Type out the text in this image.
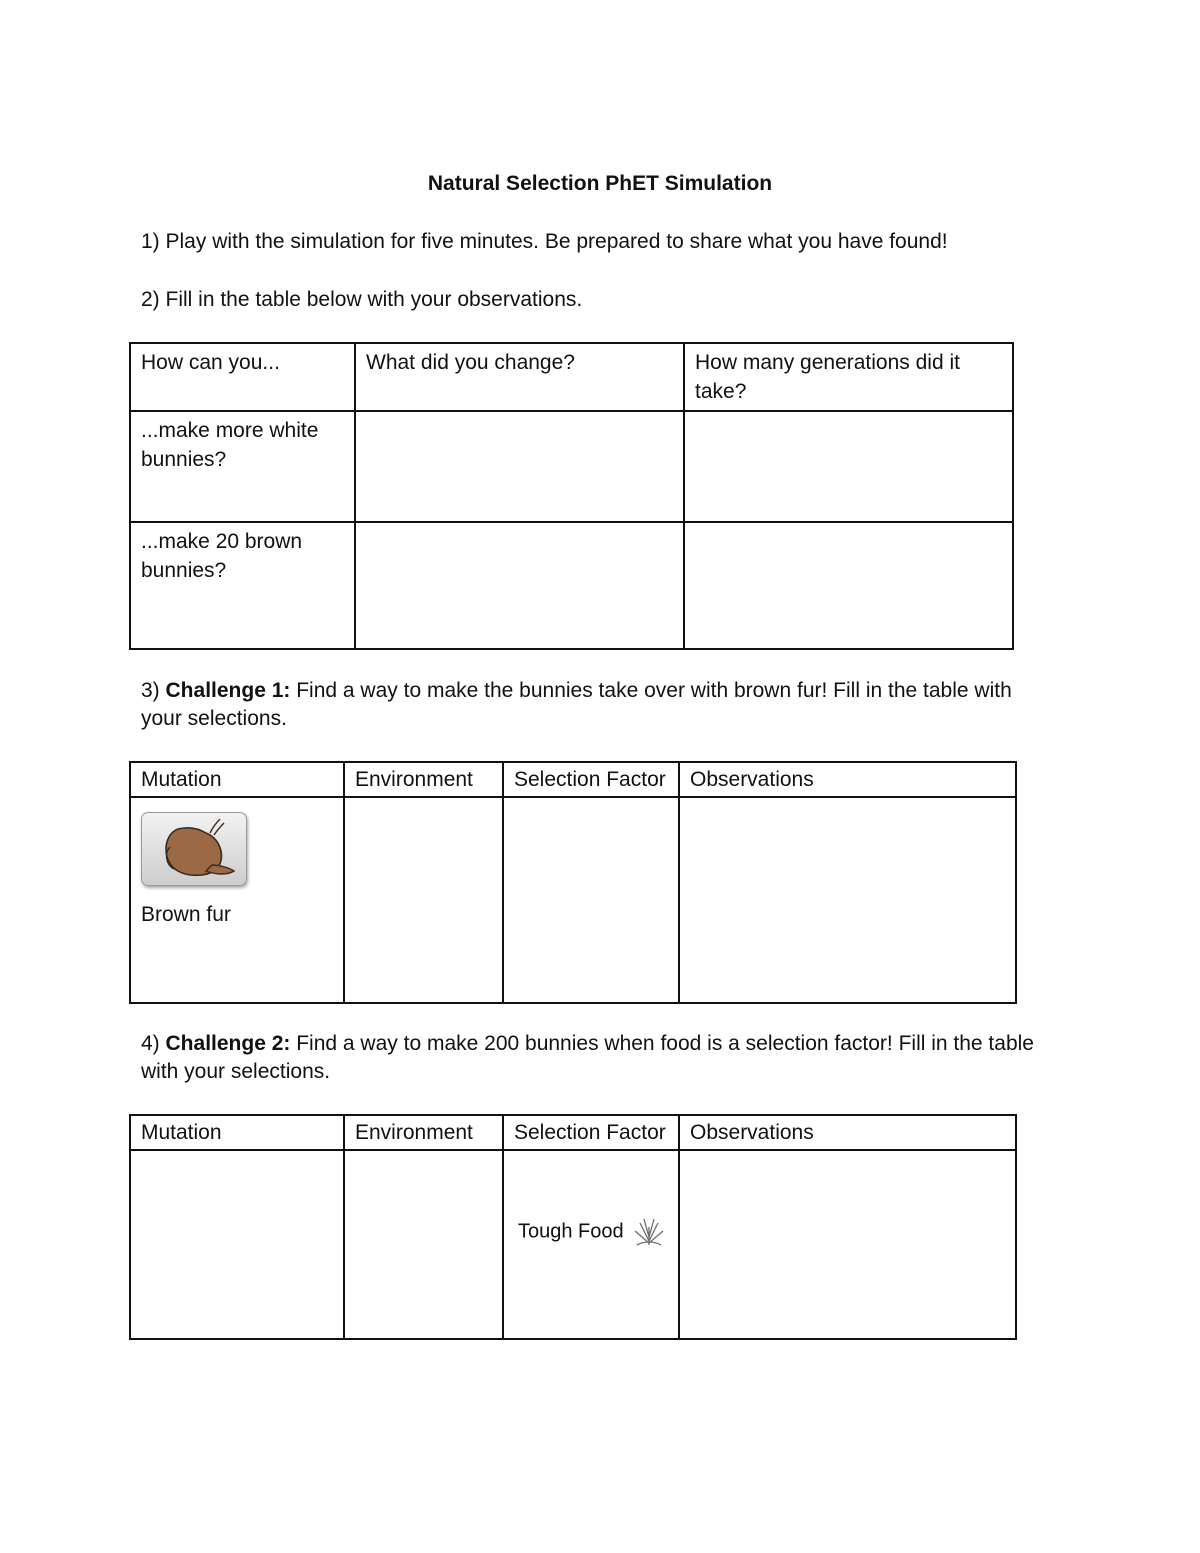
Natural Selection PhET Simulation
1) Play with the simulation for five minutes. Be prepared to share what you have found!
2) Fill in the table below with your observations.
How can you...	What did you change?	How many generations did it take?
...make more white bunnies?		
...make 20 brown bunnies?		
3) Challenge 1: Find a way to make the bunnies take over with brown fur! Fill in the table with
your selections.
Mutation	Environment	Selection Factor	Observations

Brown fur			
4) Challenge 2: Find a way to make 200 bunnies when food is a selection factor! Fill in the table
with your selections.
Mutation	Environment	Selection Factor	Observations

		Tough Food	
